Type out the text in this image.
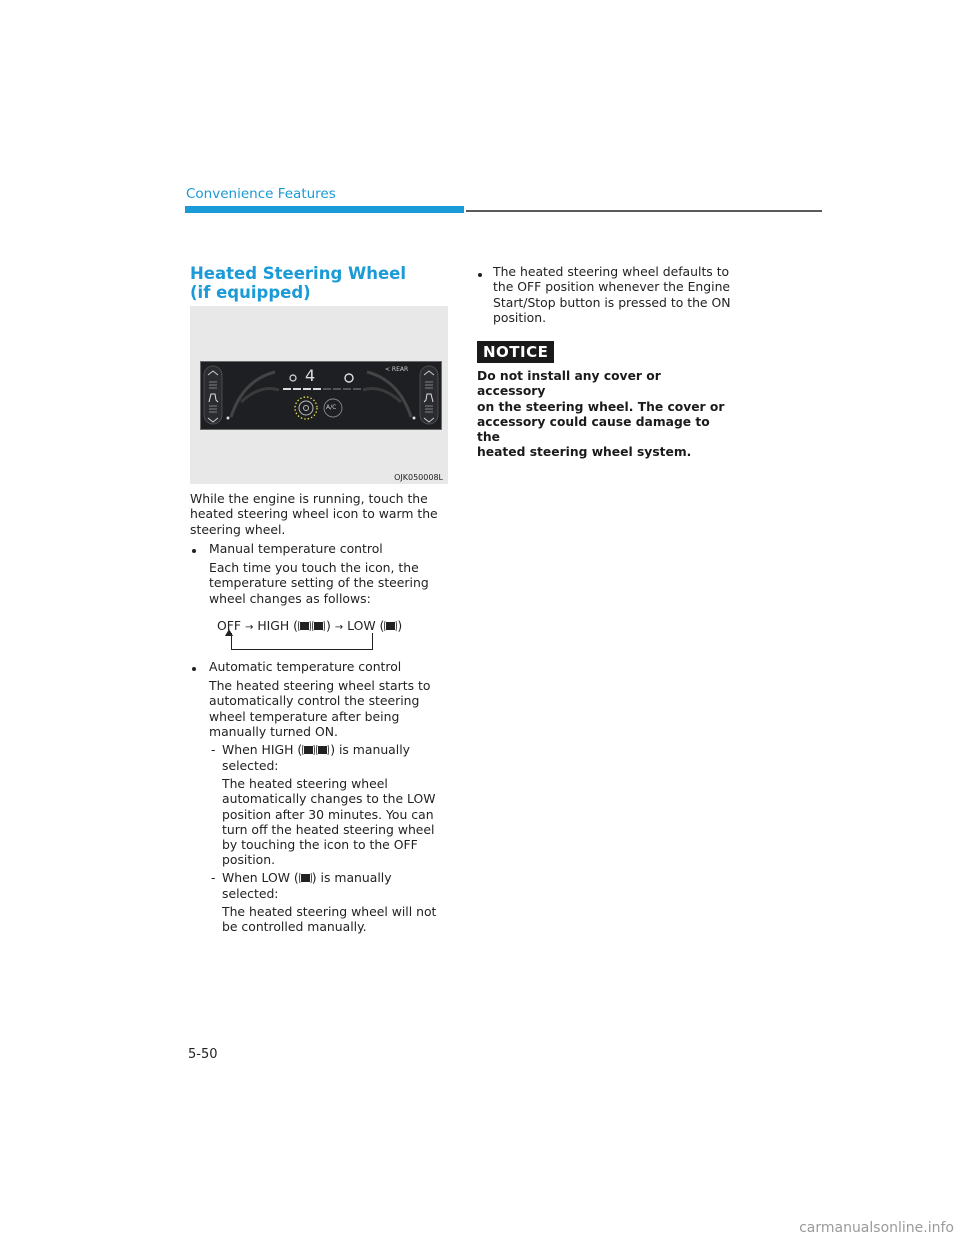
Convenience Features
Heated Steering Wheel
(if equipped)
4	< REAR
A/C
OJK050008L
While the engine is running, touch the
heated steering wheel icon to warm the
steering wheel.
Manual temperature control
Each time you touch the icon, the
temperature setting of the steering
wheel changes as follows:
OFF → HIGH ( ) → LOW ( )
Automatic temperature control
The heated steering wheel starts to
automatically control the steering
wheel temperature after being
manually turned ON.
- When HIGH ( ) is manually
selected:
The heated steering wheel
automatically changes to the LOW
position after 30 minutes. You can
turn off the heated steering wheel
by touching the icon to the OFF
position.
- When LOW ( ) is manually
selected:
The heated steering wheel will not
be controlled manually.
The heated steering wheel defaults to
the OFF position whenever the Engine
Start/Stop button is pressed to the ON
position.
NOTICE
Do not install any cover or accessory
on the steering wheel. The cover or
accessory could cause damage to the
heated steering wheel system.
5-50
carmanualsonline.info
